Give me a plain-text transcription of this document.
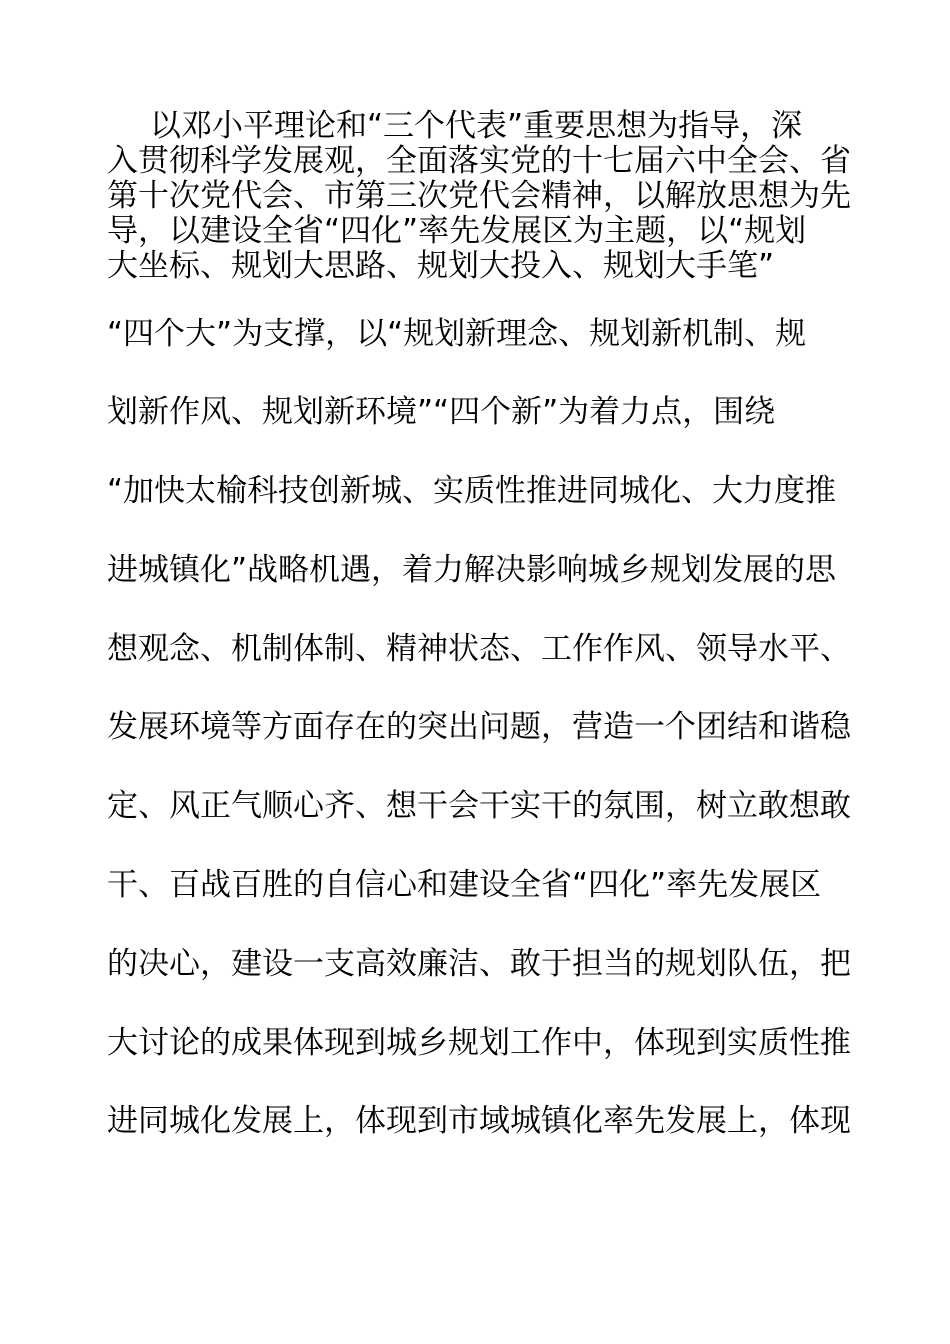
以邓小平理论和“三个代表”重要思想为指导，深
入贯彻科学发展观，全面落实党的十七届六中全会、省
第十次党代会、市第三次党代会精神，以解放思想为先
导，以建设全省“四化”率先发展区为主题，以“规划
大坐标、规划大思路、规划大投入、规划大手笔”
“四个大”为支撑，以“规划新理念、规划新机制、规
划新作风、规划新环境”“四个新”为着力点，围绕
“加快太榆科技创新城、实质性推进同城化、大力度推
进城镇化”战略机遇，着力解决影响城乡规划发展的思
想观念、机制体制、精神状态、工作作风、领导水平、
发展环境等方面存在的突出问题，营造一个团结和谐稳
定、风正气顺心齐、想干会干实干的氛围，树立敢想敢
干、百战百胜的自信心和建设全省“四化”率先发展区
的决心，建设一支高效廉洁、敢于担当的规划队伍，把
大讨论的成果体现到城乡规划工作中，体现到实质性推
进同城化发展上，体现到市域城镇化率先发展上，体现
